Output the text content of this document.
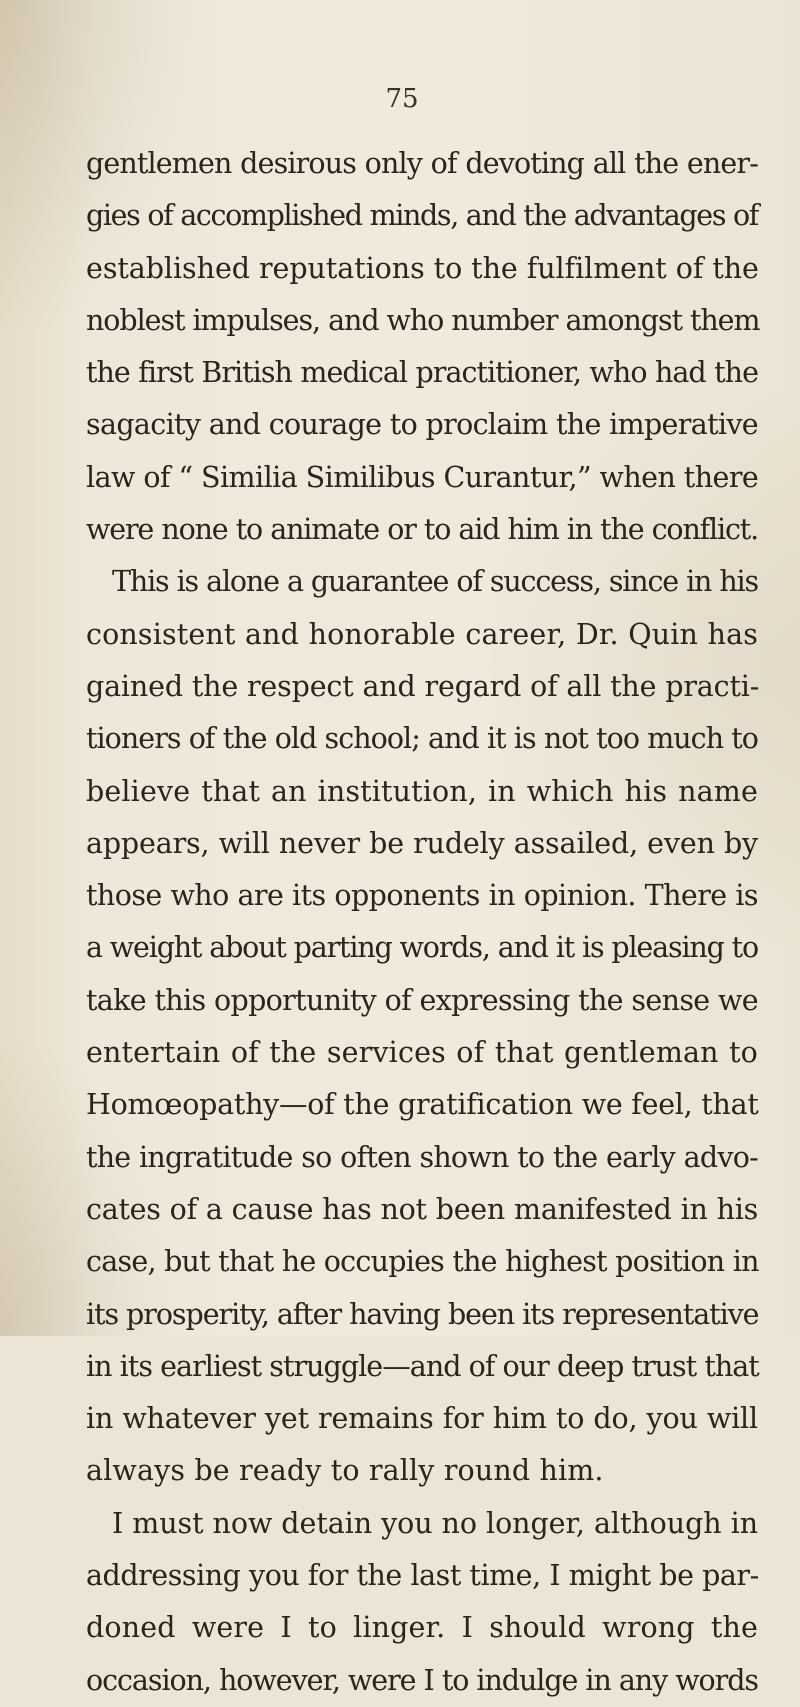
75
gentlemen desirous only of devoting all the ener-
gies of accomplished minds, and the advantages of
established reputations to the fulfilment of the
noblest impulses, and who number amongst them
the first British medical practitioner, who had the
sagacity and courage to proclaim the imperative
law of “ Similia Similibus Curantur,” when there
were none to animate or to aid him in the conflict.
This is alone a guarantee of success, since in his
consistent and honorable career, Dr. Quin has
gained the respect and regard of all the practi-
tioners of the old school; and it is not too much to
believe that an institution, in which his name
appears, will never be rudely assailed, even by
those who are its opponents in opinion. There is
a weight about parting words, and it is pleasing to
take this opportunity of expressing the sense we
entertain of the services of that gentleman to
Homœopathy—of the gratification we feel, that
the ingratitude so often shown to the early advo-
cates of a cause has not been manifested in his
case, but that he occupies the highest position in
its prosperity, after having been its representative
in its earliest struggle—and of our deep trust that
in whatever yet remains for him to do, you will
always be ready to rally round him.
I must now detain you no longer, although in
addressing you for the last time, I might be par-
doned were I to linger. I should wrong the
occasion, however, were I to indulge in any words
